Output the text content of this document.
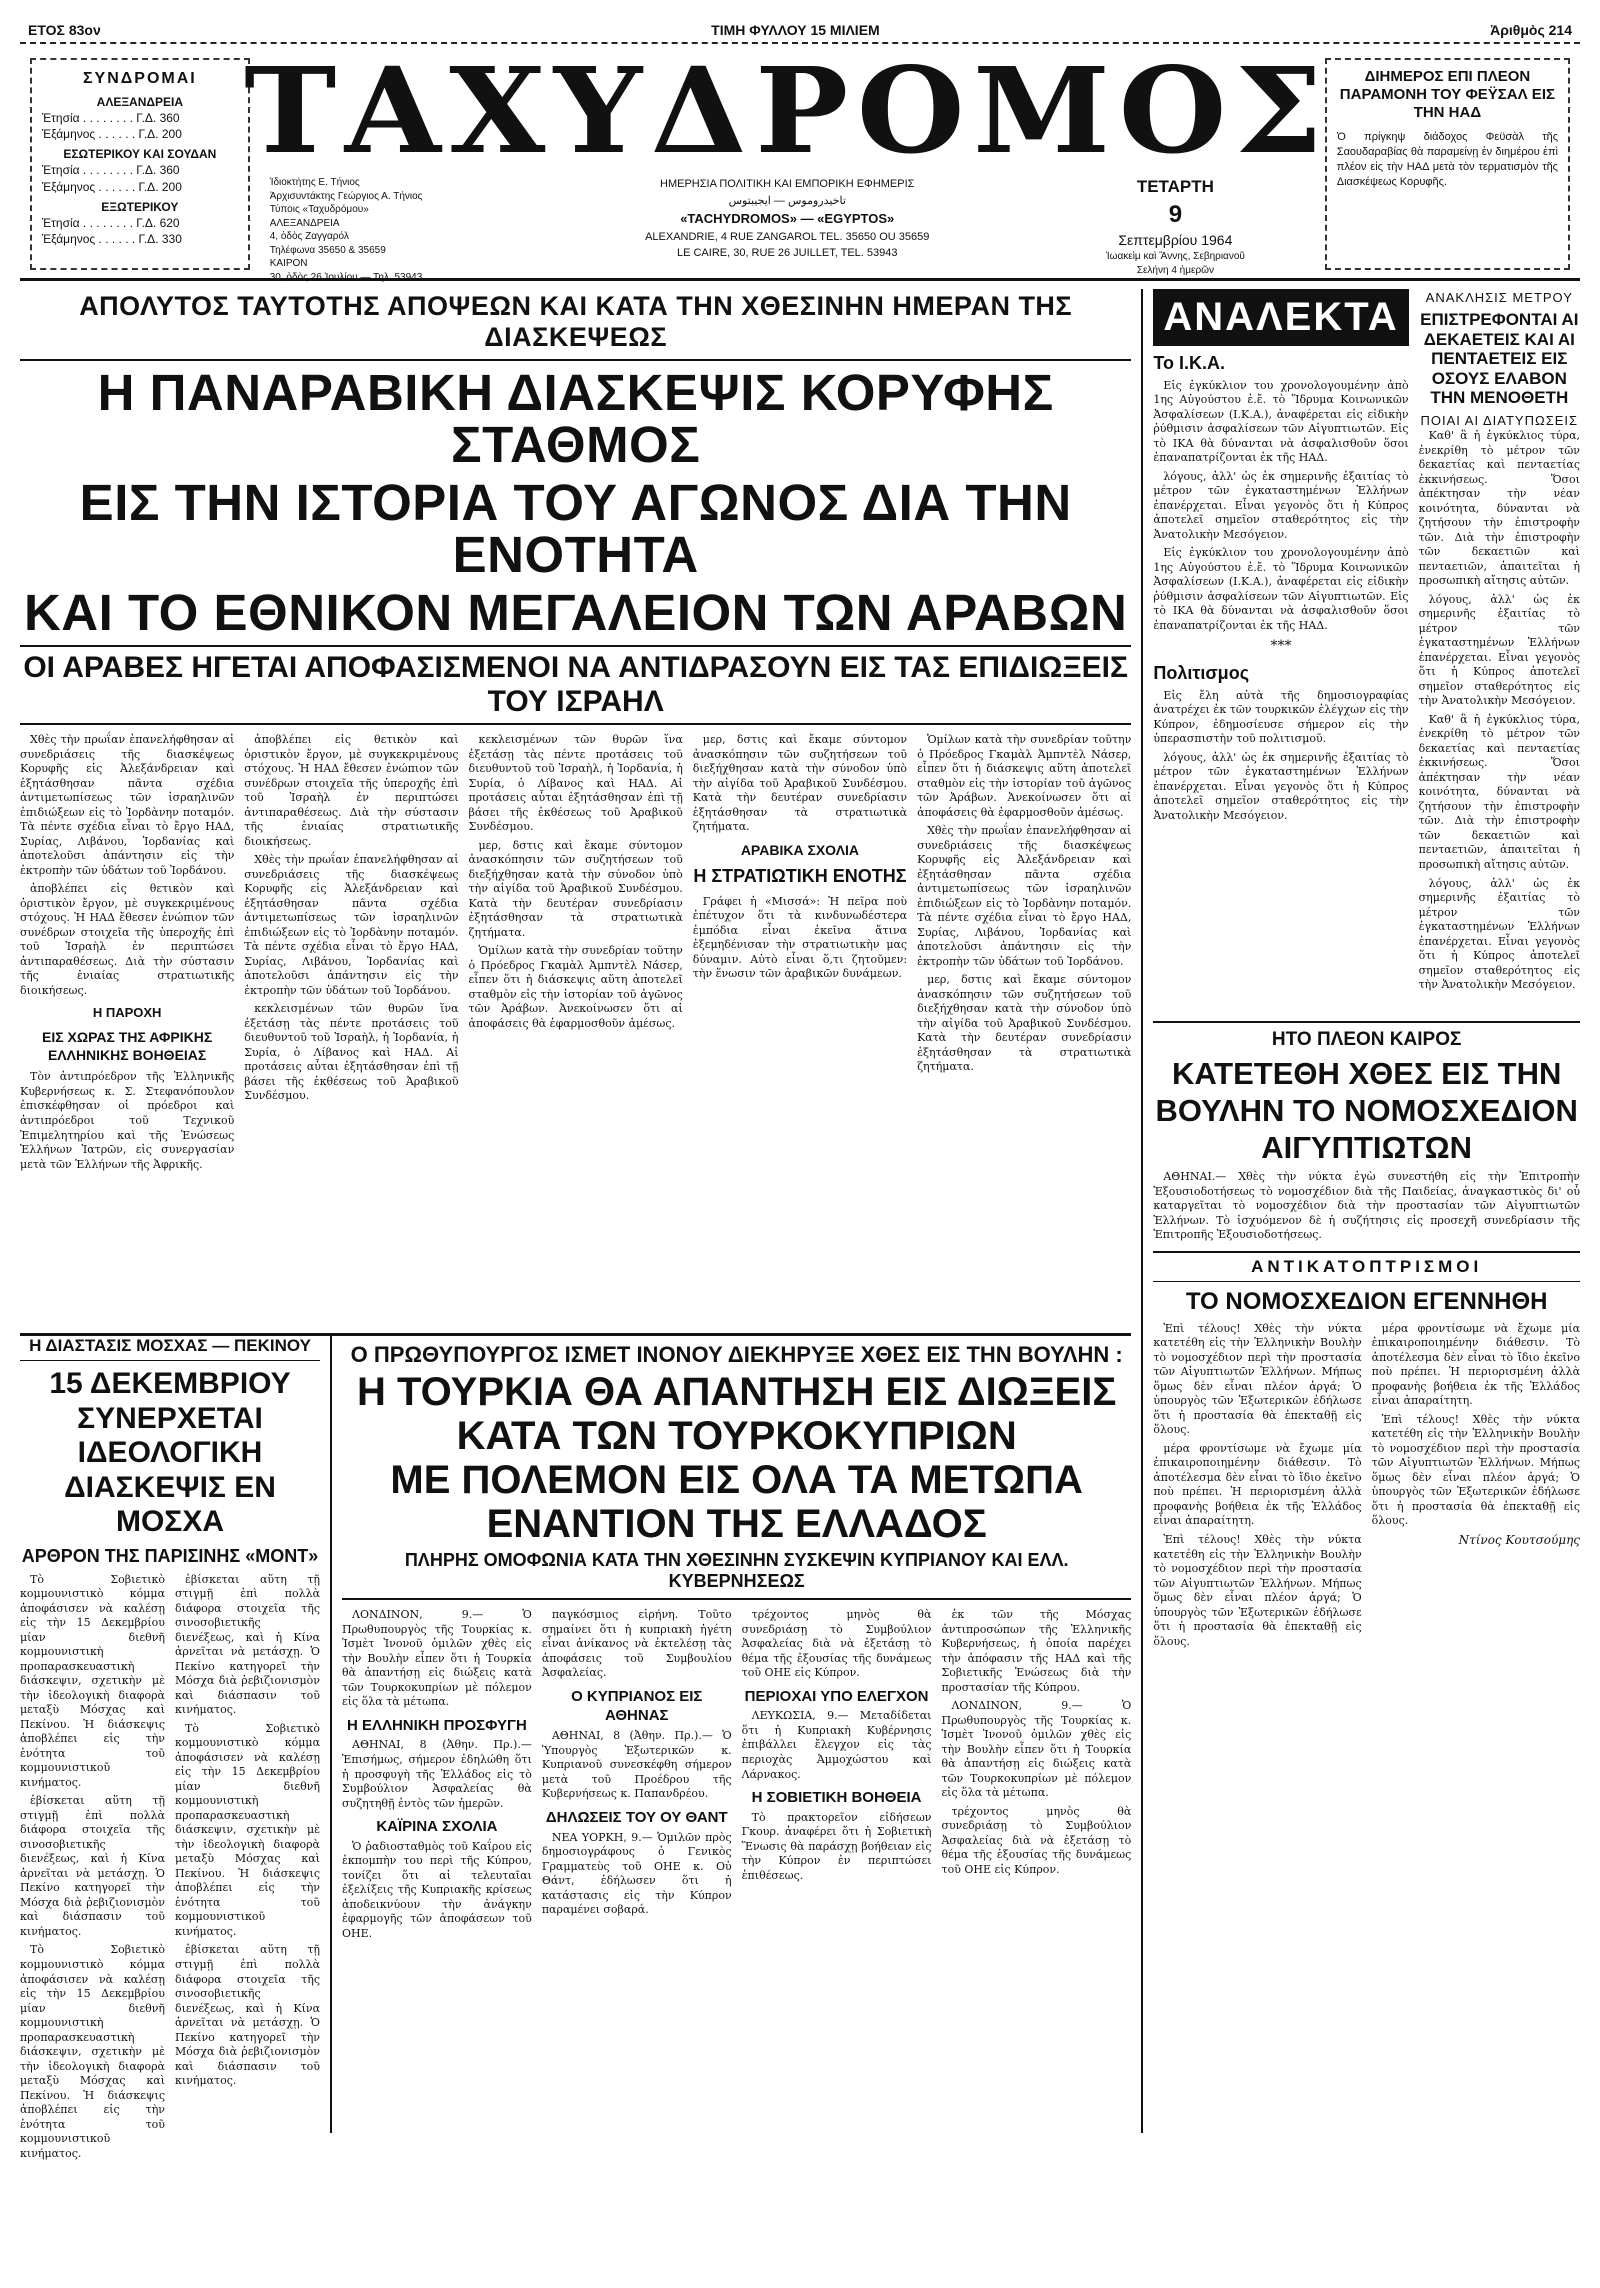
ΕΤΟΣ 83ον	ΤΙΜΗ ΦΥΛΛΟΥ 15 ΜΙΛΙΕΜ	Ἀριθμὸς 214
ΣΥΝΔΡΟΜΑΙ
ΑΛΕΞΑΝΔΡΕΙΑ
Ἐτησία . . . . . . . . Γ.Δ. 360
Ἑξάμηνος . . . . . . Γ.Δ. 200
ΕΣΩΤΕΡΙΚΟΥ ΚΑΙ ΣΟΥΔΑΝ
Ἐτησία . . . . . . . . Γ.Δ. 360
Ἑξάμηνος . . . . . . Γ.Δ. 200
ΕΞΩΤΕΡΙΚΟΥ
Ἐτησία . . . . . . . . Γ.Δ. 620
Ἑξάμηνος . . . . . . Γ.Δ. 330
ΤΑΧΥΔΡΟΜΟΣ
Ἰδιοκτήτης Ε. Τήνιος
Ἀρχισυντάκτης Γεώργιος Α. Τήνιος
Τύποις «Ταχυδρόμου»
ΑΛΕΞΑΝΔΡΕΙΑ
4, ὁδὸς Ζαγγαρόλ
Τηλέφωνα 35650 & 35659
ΚΑΙΡΟΝ
30, ὁδὸς 26 Ἰουλίου — Τηλ. 53943
ΗΜΕΡΗΣΙΑ ΠΟΛΙΤΙΚΗ ΚΑΙ ΕΜΠΟΡΙΚΗ ΕΦΗΜΕΡΙΣ
تاخيدروموس — ايجيبتوس
«TACHYDROMOS» — «EGYPTOS»
ALEXANDRIE, 4 RUE ZANGAROL TEL. 35650 OU 35659
LE CAIRE, 30, RUE 26 JUILLET, TEL. 53943
ΤΕΤΑΡΤΗ
9
Σεπτεμβρίου 1964
Ἰωακεὶμ καὶ Ἄννης, Σεβηριανοῦ
Σελήνη 4 ἡμερῶν
ΔΙΗΜΕΡΟΣ ΕΠΙ ΠΛΕΟΝ ΠΑΡΑΜΟΝΗ ΤΟΥ ΦΕΫΣΑΛ ΕΙΣ ΤΗΝ ΗΑΔ

Ὁ πρίγκηψ διάδοχος Φεϋσὰλ τῆς Σαουδαραβίας θὰ παραμείνῃ ἐν διημέρου ἐπὶ πλέον εἰς τὴν ΗΑΔ μετὰ τὸν τερματισμὸν τῆς Διασκέψεως Κορυφῆς.

ΑΠΟΛΥΤΟΣ ΤΑΥΤΟΤΗΣ ΑΠΟΨΕΩΝ ΚΑΙ ΚΑΤΑ ΤΗΝ ΧΘΕΣΙΝΗΝ ΗΜΕΡΑΝ ΤΗΣ ΔΙΑΣΚΕΨΕΩΣ
Η ΠΑΝΑΡΑΒΙΚΗ ΔΙΑΣΚΕΨΙΣ ΚΟΡΥΦΗΣ ΣΤΑΘΜΟΣ
ΕΙΣ ΤΗΝ ΙΣΤΟΡΙΑ ΤΟΥ ΑΓΩΝΟΣ ΔΙΑ ΤΗΝ ΕΝΟΤΗΤΑ
ΚΑΙ ΤΟ ΕΘΝΙΚΟΝ ΜΕΓΑΛΕΙΟΝ ΤΩΝ ΑΡΑΒΩΝ
ΟΙ ΑΡΑΒΕΣ ΗΓΕΤΑΙ ΑΠΟΦΑΣΙΣΜΕΝΟΙ ΝΑ ΑΝΤΙΔΡΑΣΟΥΝ ΕΙΣ ΤΑΣ ΕΠΙΔΙΩΞΕΙΣ ΤΟΥ ΙΣΡΑΗΛ

Χθὲς τὴν πρωΐαν ἐπανελήφθησαν αἱ συνεδριάσεις τῆς διασκέψεως Κορυφῆς εἰς Ἀλεξάνδρειαν καὶ ἐξητάσθησαν πᾶντα σχέδια ἀντιμετωπίσεως τῶν ἰσραηλινῶν ἐπιδιώξεων εἰς τὸ Ἰορδὰνην ποταμόν. Τὰ πέντε σχέδια εἶναι τὸ ἔργο ΗΑΔ, Συρίας, Λιβάνου, Ἰορδανίας καὶ ἀποτελοῦσι ἀπάντησιν εἰς τὴν ἐκτροπὴν τῶν ὑδάτων τοῦ Ἰορδάνου.

ἀποβλέπει εἰς θετικὸν καὶ ὁριστικὸν ἔργον, μὲ συγκεκριμένους στόχους. Ἡ ΗΑΔ ἔθεσεν ἐνώπιον τῶν συνέδρων στοιχεῖα τῆς ὑπεροχῆς ἐπὶ τοῦ Ἰσραὴλ ἐν περιπτώσει ἀντιπαραθέσεως. Διὰ τὴν σύστασιν τῆς ἑνιαίας στρατιωτικῆς διοικήσεως.

Η ΠΑΡΟΧΗ
ΕΙΣ ΧΩΡΑΣ ΤΗΣ ΑΦΡΙΚΗΣ ΕΛΛΗΝΙΚΗΣ ΒΟΗΘΕΙΑΣ

Τὸν ἀντιπρόεδρον τῆς Ἑλληνικῆς Κυβερνήσεως κ. Σ. Στεφανόπουλον ἐπισκέφθησαν οἱ πρόεδροι καὶ ἀντιπρόεδροι τοῦ Τεχνικοῦ Ἐπιμελητηρίου καὶ τῆς Ἑνώσεως Ἑλλήνων Ἰατρῶν, εἰς συνεργασίαν μετὰ τῶν Ἑλλήνων τῆς Ἀφρικῆς.

ἀποβλέπει εἰς θετικὸν καὶ ὁριστικὸν ἔργον, μὲ συγκεκριμένους στόχους. Ἡ ΗΑΔ ἔθεσεν ἐνώπιον τῶν συνέδρων στοιχεῖα τῆς ὑπεροχῆς ἐπὶ τοῦ Ἰσραὴλ ἐν περιπτώσει ἀντιπαραθέσεως. Διὰ τὴν σύστασιν τῆς ἑνιαίας στρατιωτικῆς διοικήσεως.

Χθὲς τὴν πρωΐαν ἐπανελήφθησαν αἱ συνεδριάσεις τῆς διασκέψεως Κορυφῆς εἰς Ἀλεξάνδρειαν καὶ ἐξητάσθησαν πᾶντα σχέδια ἀντιμετωπίσεως τῶν ἰσραηλινῶν ἐπιδιώξεων εἰς τὸ Ἰορδὰνην ποταμόν. Τὰ πέντε σχέδια εἶναι τὸ ἔργο ΗΑΔ, Συρίας, Λιβάνου, Ἰορδανίας καὶ ἀποτελοῦσι ἀπάντησιν εἰς τὴν ἐκτροπὴν τῶν ὑδάτων τοῦ Ἰορδάνου.

κεκλεισμένων τῶν θυρῶν ἵνα ἐξετάσῃ τὰς πέντε προτάσεις τοῦ διευθυντοῦ τοῦ Ἰσραὴλ, ἡ Ἰορδανία, ἡ Συρία, ὁ Λίβανος καὶ ΗΑΔ. Αἱ προτάσεις αὗται ἐξητάσθησαν ἐπὶ τῇ βάσει τῆς ἐκθέσεως τοῦ Ἀραβικοῦ Συνδέσμου.

κεκλεισμένων τῶν θυρῶν ἵνα ἐξετάσῃ τὰς πέντε προτάσεις τοῦ διευθυντοῦ τοῦ Ἰσραὴλ, ἡ Ἰορδανία, ἡ Συρία, ὁ Λίβανος καὶ ΗΑΔ. Αἱ προτάσεις αὗται ἐξητάσθησαν ἐπὶ τῇ βάσει τῆς ἐκθέσεως τοῦ Ἀραβικοῦ Συνδέσμου.

μερ, δστις καὶ ἔκαμε σύντομον ἀνασκόπησιν τῶν συζητήσεων τοῦ διεξήχθησαν κατὰ τὴν σύνοδον ὑπὸ τὴν αἰγίδα τοῦ Ἀραβικοῦ Συνδέσμου. Κατὰ τὴν δευτέραν συνεδρίασιν ἐξητάσθησαν τὰ στρατιωτικὰ ζητήματα.

Ὁμίλων κατὰ τὴν συνεδρίαν τοῦτην ὁ Πρόεδρος Γκαμὰλ Ἀμπντὲλ Νάσερ, εἶπεν ὅτι ἡ διάσκεψις αὕτη ἀποτελεῖ σταθμὸν εἰς τὴν ἱστορίαν τοῦ ἀγῶνος τῶν Ἀράβων. Ἀνεκοίνωσεν ὅτι αἱ ἀποφάσεις θὰ ἐφαρμοσθοῦν ἀμέσως.

μερ, δστις καὶ ἔκαμε σύντομον ἀνασκόπησιν τῶν συζητήσεων τοῦ διεξήχθησαν κατὰ τὴν σύνοδον ὑπὸ τὴν αἰγίδα τοῦ Ἀραβικοῦ Συνδέσμου. Κατὰ τὴν δευτέραν συνεδρίασιν ἐξητάσθησαν τὰ στρατιωτικὰ ζητήματα.

ΑΡΑΒΙΚΑ ΣΧΟΛΙΑ
Η ΣΤΡΑΤΙΩΤΙΚΗ ΕΝΟΤΗΣ

Γράφει ἡ «Μισσά»: Ἡ πεῖρα ποὺ ἐπέτυχον ὅτι τὰ κινδυνωδέστερα ἐμπόδια εἶναι ἐκεῖνα ἅτινα ἐξεμηδένισαν τὴν στρατιωτικὴν μας δύναμιν. Αὐτὸ εἶναι ὅ,τι ζητοῦμεν: τὴν ἕνωσιν τῶν ἀραβικῶν δυνάμεων.

Ὁμίλων κατὰ τὴν συνεδρίαν τοῦτην ὁ Πρόεδρος Γκαμὰλ Ἀμπντὲλ Νάσερ, εἶπεν ὅτι ἡ διάσκεψις αὕτη ἀποτελεῖ σταθμὸν εἰς τὴν ἱστορίαν τοῦ ἀγῶνος τῶν Ἀράβων. Ἀνεκοίνωσεν ὅτι αἱ ἀποφάσεις θὰ ἐφαρμοσθοῦν ἀμέσως.

Χθὲς τὴν πρωΐαν ἐπανελήφθησαν αἱ συνεδριάσεις τῆς διασκέψεως Κορυφῆς εἰς Ἀλεξάνδρειαν καὶ ἐξητάσθησαν πᾶντα σχέδια ἀντιμετωπίσεως τῶν ἰσραηλινῶν ἐπιδιώξεων εἰς τὸ Ἰορδὰνην ποταμόν. Τὰ πέντε σχέδια εἶναι τὸ ἔργο ΗΑΔ, Συρίας, Λιβάνου, Ἰορδανίας καὶ ἀποτελοῦσι ἀπάντησιν εἰς τὴν ἐκτροπὴν τῶν ὑδάτων τοῦ Ἰορδάνου.

μερ, δστις καὶ ἔκαμε σύντομον ἀνασκόπησιν τῶν συζητήσεων τοῦ διεξήχθησαν κατὰ τὴν σύνοδον ὑπὸ τὴν αἰγίδα τοῦ Ἀραβικοῦ Συνδέσμου. Κατὰ τὴν δευτέραν συνεδρίασιν ἐξητάσθησαν τὰ στρατιωτικὰ ζητήματα.

Η ΔΙΑΣΤΑΣΙΣ ΜΟΣΧΑΣ — ΠΕΚΙΝΟΥ
15 ΔΕΚΕΜΒΡΙΟΥ ΣΥΝΕΡΧΕΤΑΙ ΙΔΕΟΛΟΓΙΚΗ ΔΙΑΣΚΕΨΙΣ ΕΝ ΜΟΣΧΑ
ΑΡΘΡΟΝ ΤΗΣ ΠΑΡΙΣΙΝΗΣ «ΜΟΝΤ»

Τὸ Σοβιετικὸ κομμουνιστικὸ κόμμα ἀποφάσισεν νὰ καλέσῃ εἰς τὴν 15 Δεκεμβρίου μίαν διεθνῆ κομμουνιστικὴ προπαρασκευαστικὴ διάσκεψιν, σχετικὴν μὲ τὴν ἰδεολογικὴ διαφορὰ μεταξὺ Μόσχας καὶ Πεκίνου. Ἡ διάσκεψις ἀποβλέπει εἰς τὴν ἑνότητα τοῦ κομμουνιστικοῦ κινήματος.

ἐβίσκεται αὕτη τῇ στιγμῇ ἐπὶ πολλὰ διάφορα στοιχεῖα τῆς σινοσοβιετικῆς διενέξεως, καὶ ἡ Κίνα ἀρνεῖται νὰ μετάσχῃ. Ὁ Πεκίνο κατηγορεῖ τὴν Μόσχα διὰ ῥεβιζιονισμὸν καὶ διάσπασιν τοῦ κινήματος.

Τὸ Σοβιετικὸ κομμουνιστικὸ κόμμα ἀποφάσισεν νὰ καλέσῃ εἰς τὴν 15 Δεκεμβρίου μίαν διεθνῆ κομμουνιστικὴ προπαρασκευαστικὴ διάσκεψιν, σχετικὴν μὲ τὴν ἰδεολογικὴ διαφορὰ μεταξὺ Μόσχας καὶ Πεκίνου. Ἡ διάσκεψις ἀποβλέπει εἰς τὴν ἑνότητα τοῦ κομμουνιστικοῦ κινήματος.

ἐβίσκεται αὕτη τῇ στιγμῇ ἐπὶ πολλὰ διάφορα στοιχεῖα τῆς σινοσοβιετικῆς διενέξεως, καὶ ἡ Κίνα ἀρνεῖται νὰ μετάσχῃ. Ὁ Πεκίνο κατηγορεῖ τὴν Μόσχα διὰ ῥεβιζιονισμὸν καὶ διάσπασιν τοῦ κινήματος.

Τὸ Σοβιετικὸ κομμουνιστικὸ κόμμα ἀποφάσισεν νὰ καλέσῃ εἰς τὴν 15 Δεκεμβρίου μίαν διεθνῆ κομμουνιστικὴ προπαρασκευαστικὴ διάσκεψιν, σχετικὴν μὲ τὴν ἰδεολογικὴ διαφορὰ μεταξὺ Μόσχας καὶ Πεκίνου. Ἡ διάσκεψις ἀποβλέπει εἰς τὴν ἑνότητα τοῦ κομμουνιστικοῦ κινήματος.

ἐβίσκεται αὕτη τῇ στιγμῇ ἐπὶ πολλὰ διάφορα στοιχεῖα τῆς σινοσοβιετικῆς διενέξεως, καὶ ἡ Κίνα ἀρνεῖται νὰ μετάσχῃ. Ὁ Πεκίνο κατηγορεῖ τὴν Μόσχα διὰ ῥεβιζιονισμὸν καὶ διάσπασιν τοῦ κινήματος.

Ο ΠΡΩΘΥΠΟΥΡΓΟΣ ΙΣΜΕΤ ΙΝΟΝΟΥ ΔΙΕΚΗΡΥΞΕ ΧΘΕΣ ΕΙΣ ΤΗΝ ΒΟΥΛΗΝ :
Η ΤΟΥΡΚΙΑ ΘΑ ΑΠΑΝΤΗΣΗ ΕΙΣ ΔΙΩΞΕΙΣ ΚΑΤΑ ΤΩΝ ΤΟΥΡΚΟΚΥΠΡΙΩΝ
ΜΕ ΠΟΛΕΜΟΝ ΕΙΣ ΟΛΑ ΤΑ ΜΕΤΩΠΑ ΕΝΑΝΤΙΟΝ ΤΗΣ ΕΛΛΑΔΟΣ
ΠΛΗΡΗΣ ΟΜΟΦΩΝΙΑ ΚΑΤΑ ΤΗΝ ΧΘΕΣΙΝΗΝ ΣΥΣΚΕΨΙΝ ΚΥΠΡΙΑΝΟΥ ΚΑΙ ΕΛΛ. ΚΥΒΕΡΝΗΣΕΩΣ

ΛΟΝΔΙΝΟΝ, 9.— Ὁ Πρωθυπουργὸς τῆς Τουρκίας κ. Ἰσμὲτ Ἰνονοῦ ὁμιλῶν χθὲς εἰς τὴν Βουλὴν εἶπεν ὅτι ἡ Τουρκία θὰ ἀπαντήσῃ εἰς διώξεις κατὰ τῶν Τουρκοκυπρίων μὲ πόλεμον εἰς ὅλα τὰ μέτωπα.

Η ΕΛΛΗΝΙΚΗ ΠΡΟΣΦΥΓΗ

ΑΘΗΝΑΙ, 8 (Ἀθην. Πρ.).— Ἐπισήμως, σήμερον ἐδηλώθη ὅτι ἡ προσφυγὴ τῆς Ἑλλάδος εἰς τὸ Συμβούλιον Ἀσφαλείας θὰ συζητηθῇ ἐντὸς τῶν ἡμερῶν.

ΚΑΪΡΙΝΑ ΣΧΟΛΙΑ

Ὁ ῥαδιοσταθμὸς τοῦ Καΐρου εἰς ἐκπομπὴν του περὶ τῆς Κύπρου, τονίζει ὅτι αἱ τελευταῖαι ἐξελίξεις τῆς Κυπριακῆς κρίσεως ἀποδεικνύουν τὴν ἀνάγκην ἐφαρμογῆς τῶν ἀποφάσεων τοῦ ΟΗΕ.

παγκόσμιος εἰρήνη. Τοῦτο σημαίνει ὅτι ἡ κυπριακὴ ἠγέτη εἶναι ἀνίκανος νὰ ἐκτελέσῃ τὰς ἀποφάσεις τοῦ Συμβουλίου Ἀσφαλείας.

Ο ΚΥΠΡΙΑΝΟΣ ΕΙΣ ΑΘΗΝΑΣ

ΑΘΗΝΑΙ, 8 (Ἀθην. Πρ.).— Ὁ Ὑπουργὸς Ἐξωτερικῶν κ. Κυπριανοῦ συνεσκέφθη σήμερον μετὰ τοῦ Προέδρου τῆς Κυβερνήσεως κ. Παπανδρέου.

ΔΗΛΩΣΕΙΣ ΤΟΥ ΟΥ ΘΑΝΤ

ΝΕΑ ΥΟΡΚΗ, 9.— Ὁμιλῶν πρὸς δημοσιογράφους ὁ Γενικὸς Γραμματεὺς τοῦ ΟΗΕ κ. Οὐ Θάντ, ἐδήλωσεν ὅτι ἡ κατάστασις εἰς τὴν Κύπρον παραμένει σοβαρά.

τρέχοντος μηνὸς θὰ συνεδριάσῃ τὸ Συμβούλιον Ἀσφαλείας διὰ νὰ ἐξετάσῃ τὸ θέμα τῆς ἐξουσίας τῆς δυνάμεως τοῦ ΟΗΕ εἰς Κύπρον.

ΠΕΡΙΟΧΑΙ ΥΠΟ ΕΛΕΓΧΟΝ

ΛΕΥΚΩΣΙΑ, 9.— Μεταδίδεται ὅτι ἡ Κυπριακὴ Κυβέρνησις ἐπιβάλλει ἔλεγχον εἰς τὰς περιοχὰς Ἀμμοχώστου καὶ Λάρνακος.

Η ΣΟΒΙΕΤΙΚΗ ΒΟΗΘΕΙΑ

Τὸ πρακτορεῖον εἰδήσεων Γκουρ. ἀναφέρει ὅτι ἡ Σοβιετικὴ Ἕνωσις θὰ παράσχῃ βοήθειαν εἰς τὴν Κύπρον ἐν περιπτώσει ἐπιθέσεως.

ἐκ τῶν τῆς Μόσχας ἀντιπροσώπων τῆς Ἑλληνικῆς Κυβερνήσεως, ἡ ὁποία παρέχει τὴν ἀπόφασιν τῆς ΗΑΔ καὶ τῆς Σοβιετικῆς Ἑνώσεως διὰ τὴν προστασίαν τῆς Κύπρου.

ΛΟΝΔΙΝΟΝ, 9.— Ὁ Πρωθυπουργὸς τῆς Τουρκίας κ. Ἰσμὲτ Ἰνονοῦ ὁμιλῶν χθὲς εἰς τὴν Βουλὴν εἶπεν ὅτι ἡ Τουρκία θὰ ἀπαντήσῃ εἰς διώξεις κατὰ τῶν Τουρκοκυπρίων μὲ πόλεμον εἰς ὅλα τὰ μέτωπα.

τρέχοντος μηνὸς θὰ συνεδριάσῃ τὸ Συμβούλιον Ἀσφαλείας διὰ νὰ ἐξετάσῃ τὸ θέμα τῆς ἐξουσίας τῆς δυνάμεως τοῦ ΟΗΕ εἰς Κύπρον.

ΑΝΑΛΕΚΤΑ
Το Ι.Κ.Α.

Εἰς ἐγκύκλιον του χρονολογουμένην ἀπὸ 1ης Αὐγούστου ἐ.ἔ. τὸ Ἵδρυμα Κοινωνικῶν Ἀσφαλίσεων (Ι.Κ.Α.), ἀναφέρεται εἰς εἰδικὴν ῥύθμισιν ἀσφαλίσεων τῶν Αἰγυπτιωτῶν. Εἰς τὸ ΙΚΑ θὰ δύνανται νὰ ἀσφαλισθοῦν ὅσοι ἐπαναπατρίζονται ἐκ τῆς ΗΑΔ.

λόγους, ἀλλ' ὡς ἐκ σημερινῆς ἐξαιτίας τὸ μέτρον τῶν ἐγκαταστημένων Ἑλλήνων ἐπανέρχεται. Εἶναι γεγονὸς ὅτι ἡ Κύπρος ἀποτελεῖ σημεῖον σταθερότητος εἰς τὴν Ἀνατολικὴν Μεσόγειον.

Εἰς ἐγκύκλιον του χρονολογουμένην ἀπὸ 1ης Αὐγούστου ἐ.ἔ. τὸ Ἵδρυμα Κοινωνικῶν Ἀσφαλίσεων (Ι.Κ.Α.), ἀναφέρεται εἰς εἰδικὴν ῥύθμισιν ἀσφαλίσεων τῶν Αἰγυπτιωτῶν. Εἰς τὸ ΙΚΑ θὰ δύνανται νὰ ἀσφαλισθοῦν ὅσοι ἐπαναπατρίζονται ἐκ τῆς ΗΑΔ.

***
Πολιτισμος

Εἰς ἔλη αὐτὰ τῆς δημοσιογραφίας ἀνατρέχει ἐκ τῶν τουρκικῶν ἐλέγχων εἰς τὴν Κύπρον, ἐδημοσίευσε σήμερον εἰς τὴν ὑπερασπιστὴν τοῦ πολιτισμοῦ.

λόγους, ἀλλ' ὡς ἐκ σημερινῆς ἐξαιτίας τὸ μέτρον τῶν ἐγκαταστημένων Ἑλλήνων ἐπανέρχεται. Εἶναι γεγονὸς ὅτι ἡ Κύπρος ἀποτελεῖ σημεῖον σταθερότητος εἰς τὴν Ἀνατολικὴν Μεσόγειον.

ΑΝΑΚΛΗΣΙΣ ΜΕΤΡΟΥ
ΕΠΙΣΤΡΕΦΟΝΤΑΙ ΑΙ ΔΕΚΑΕΤΕΙΣ ΚΑΙ ΑΙ ΠΕΝΤΑΕΤΕΙΣ ΕΙΣ ΟΣΟΥΣ ΕΛΑΒΟΝ ΤΗΝ ΜΕΝΟΘΕΤΗ
ΠΟΙΑΙ ΑΙ ΔΙΑΤΥΠΩΣΕΙΣ

Καθ' ἃ ἡ ἐγκύκλιος τύρα, ἐνεκρίθη τὸ μέτρον τῶν δεκαετίας καὶ πενταετίας ἐκκινήσεως. Ὅσοι ἀπέκτησαν τὴν νέαν κοινότητα, δύνανται νὰ ζητήσουν τὴν ἐπιστροφὴν τῶν. Διὰ τὴν ἐπιστροφὴν τῶν δεκαετιῶν καὶ πενταετιῶν, ἀπαιτεῖται ἡ προσωπικὴ αἴτησις αὐτῶν.

λόγους, ἀλλ' ὡς ἐκ σημερινῆς ἐξαιτίας τὸ μέτρον τῶν ἐγκαταστημένων Ἑλλήνων ἐπανέρχεται. Εἶναι γεγονὸς ὅτι ἡ Κύπρος ἀποτελεῖ σημεῖον σταθερότητος εἰς τὴν Ἀνατολικὴν Μεσόγειον.

Καθ' ἃ ἡ ἐγκύκλιος τύρα, ἐνεκρίθη τὸ μέτρον τῶν δεκαετίας καὶ πενταετίας ἐκκινήσεως. Ὅσοι ἀπέκτησαν τὴν νέαν κοινότητα, δύνανται νὰ ζητήσουν τὴν ἐπιστροφὴν τῶν. Διὰ τὴν ἐπιστροφὴν τῶν δεκαετιῶν καὶ πενταετιῶν, ἀπαιτεῖται ἡ προσωπικὴ αἴτησις αὐτῶν.

λόγους, ἀλλ' ὡς ἐκ σημερινῆς ἐξαιτίας τὸ μέτρον τῶν ἐγκαταστημένων Ἑλλήνων ἐπανέρχεται. Εἶναι γεγονὸς ὅτι ἡ Κύπρος ἀποτελεῖ σημεῖον σταθερότητος εἰς τὴν Ἀνατολικὴν Μεσόγειον.

ΗΤΟ ΠΛΕΟΝ ΚΑΙΡΟΣ
ΚΑΤΕΤΕΘΗ ΧΘΕΣ ΕΙΣ ΤΗΝ ΒΟΥΛΗΝ ΤΟ ΝΟΜΟΣΧΕΔΙΟΝ ΑΙΓΥΠΤΙΩΤΩΝ

ΑΘΗΝΑΙ.— Χθὲς τὴν νύκτα ἐγὼ συνεστήθη εἰς τὴν Ἐπιτροπὴν Ἐξουσιοδοτήσεως τὸ νομοσχέδιον διὰ τῆς Παιδείας, ἀναγκαστικὸς δι' οὗ καταργεῖται τὸ νομοσχέδιον διὰ τὴν προστασίαν τῶν Αἰγυπτιωτῶν Ἑλλήνων. Τὸ ἰσχυόμενον δὲ ἡ συζήτησις εἰς προσεχῆ συνεδρίασιν τῆς Ἐπιτροπῆς Ἐξουσιοδοτήσεως.

ΑΝΤΙΚΑΤΟΠΤΡΙΣΜΟΙ
ΤΟ ΝΟΜΟΣΧΕΔΙΟΝ ΕΓΕΝΝΗΘΗ

Ἐπὶ τέλους! Χθὲς τὴν νύκτα κατετέθη εἰς τὴν Ἑλληνικὴν Βουλὴν τὸ νομοσχέδιον περὶ τὴν προστασία τῶν Αἰγυπτιωτῶν Ἑλλήνων. Μήπως ὅμως δὲν εἶναι πλέον ἀργά; Ὁ ὑπουργὸς τῶν Ἐξωτερικῶν ἐδήλωσε ὅτι ἡ προστασία θὰ ἐπεκταθῇ εἰς ὅλους.

μέρα φροντίσωμε νὰ ἔχωμε μία ἐπικαιροποιημένην διάθεσιν. Τὸ ἀποτέλεσμα δὲν εἶναι τὸ ἴδιο ἐκεῖνο ποὺ πρέπει. Ἡ περιορισμένη ἀλλὰ προφανὴς βοήθεια ἐκ τῆς Ἑλλάδος εἶναι ἀπαραίτητη.

Ἐπὶ τέλους! Χθὲς τὴν νύκτα κατετέθη εἰς τὴν Ἑλληνικὴν Βουλὴν τὸ νομοσχέδιον περὶ τὴν προστασία τῶν Αἰγυπτιωτῶν Ἑλλήνων. Μήπως ὅμως δὲν εἶναι πλέον ἀργά; Ὁ ὑπουργὸς τῶν Ἐξωτερικῶν ἐδήλωσε ὅτι ἡ προστασία θὰ ἐπεκταθῇ εἰς ὅλους.

μέρα φροντίσωμε νὰ ἔχωμε μία ἐπικαιροποιημένην διάθεσιν. Τὸ ἀποτέλεσμα δὲν εἶναι τὸ ἴδιο ἐκεῖνο ποὺ πρέπει. Ἡ περιορισμένη ἀλλὰ προφανὴς βοήθεια ἐκ τῆς Ἑλλάδος εἶναι ἀπαραίτητη.

Ἐπὶ τέλους! Χθὲς τὴν νύκτα κατετέθη εἰς τὴν Ἑλληνικὴν Βουλὴν τὸ νομοσχέδιον περὶ τὴν προστασία τῶν Αἰγυπτιωτῶν Ἑλλήνων. Μήπως ὅμως δὲν εἶναι πλέον ἀργά; Ὁ ὑπουργὸς τῶν Ἐξωτερικῶν ἐδήλωσε ὅτι ἡ προστασία θὰ ἐπεκταθῇ εἰς ὅλους.

Ντίνος Κουτσούμης
